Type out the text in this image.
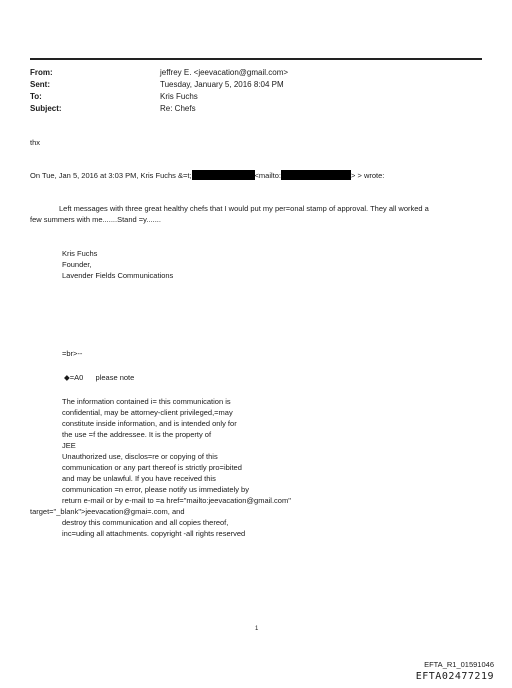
From:	jeffrey E. <jeevacation@gmail.com>
Sent:	Tuesday, January 5, 2016 8:04 PM
To:	Kris Fuchs
Subject:	Re: Chefs
thx
On Tue, Jan 5, 2016 at 3:03 PM, Kris Fuchs &=t;	<mailto:	> > wrote:
Left messages with three great healthy chefs that I would put my per=onal stamp of approval. They all worked a
few summers with me.......Stand =y.......
Kris Fuchs
Founder,
Lavender Fields Communications
=br>--
◆=A0 please note
The information contained i= this communication is
confidential, may be attorney-client privileged,=may
constitute inside information, and is intended only for
the use =f the addressee. It is the property of
JEE
Unauthorized use, disclos=re or copying of this
communication or any part thereof is strictly pro=ibited
and may be unlawful. If you have received this
communication =n error, please notify us immediately by
return e-mail or by e-mail to =a href="mailto:jeevacation@gmail.com"
target="_blank">jeevacation@gmai=.com, and
destroy this communication and all copies thereof,
inc=uding all attachments. copyright -all rights reserved
1
EFTA_R1_01591046
EFTA02477219
